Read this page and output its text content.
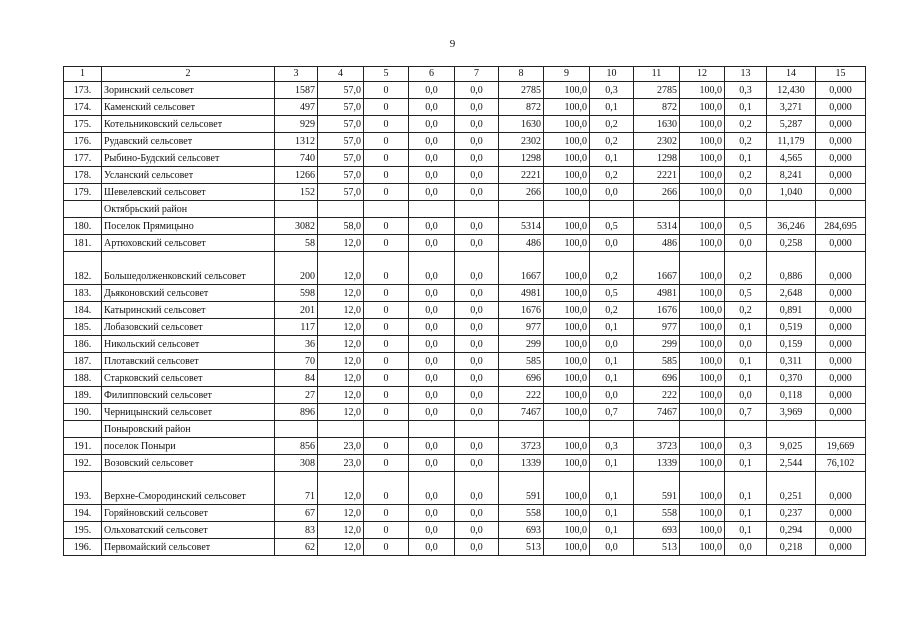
9
1	2	3	4	5	6	7	8	9	10	11	12	13	14	15
173.	Зоринский сельсовет	1587	57,0	0	0,0	0,0	2785	100,0	0,3	2785	100,0	0,3	12,430	0,000
174.	Каменский сельсовет	497	57,0	0	0,0	0,0	872	100,0	0,1	872	100,0	0,1	3,271	0,000
175.	Котельниковский сельсовет	929	57,0	0	0,0	0,0	1630	100,0	0,2	1630	100,0	0,2	5,287	0,000
176.	Рудавский сельсовет	1312	57,0	0	0,0	0,0	2302	100,0	0,2	2302	100,0	0,2	11,179	0,000
177.	Рыбино-Будский сельсовет	740	57,0	0	0,0	0,0	1298	100,0	0,1	1298	100,0	0,1	4,565	0,000
178.	Усланский сельсовет	1266	57,0	0	0,0	0,0	2221	100,0	0,2	2221	100,0	0,2	8,241	0,000
179.	Шевелевский сельсовет	152	57,0	0	0,0	0,0	266	100,0	0,0	266	100,0	0,0	1,040	0,000
	Октябрьский район													
180.	Поселок Прямицыно	3082	58,0	0	0,0	0,0	5314	100,0	0,5	5314	100,0	0,5	36,246	284,695
181.	Артюховский сельсовет	58	12,0	0	0,0	0,0	486	100,0	0,0	486	100,0	0,0	0,258	0,000
182.	Большедолженковский сельсовет	200	12,0	0	0,0	0,0	1667	100,0	0,2	1667	100,0	0,2	0,886	0,000
183.	Дьяконовский сельсовет	598	12,0	0	0,0	0,0	4981	100,0	0,5	4981	100,0	0,5	2,648	0,000
184.	Катыринский сельсовет	201	12,0	0	0,0	0,0	1676	100,0	0,2	1676	100,0	0,2	0,891	0,000
185.	Лобазовский сельсовет	117	12,0	0	0,0	0,0	977	100,0	0,1	977	100,0	0,1	0,519	0,000
186.	Никольский сельсовет	36	12,0	0	0,0	0,0	299	100,0	0,0	299	100,0	0,0	0,159	0,000
187.	Плотавский сельсовет	70	12,0	0	0,0	0,0	585	100,0	0,1	585	100,0	0,1	0,311	0,000
188.	Старковский сельсовет	84	12,0	0	0,0	0,0	696	100,0	0,1	696	100,0	0,1	0,370	0,000
189.	Филипповский сельсовет	27	12,0	0	0,0	0,0	222	100,0	0,0	222	100,0	0,0	0,118	0,000
190.	Черницынский сельсовет	896	12,0	0	0,0	0,0	7467	100,0	0,7	7467	100,0	0,7	3,969	0,000
	Поныровский район													
191.	поселок Поныри	856	23,0	0	0,0	0,0	3723	100,0	0,3	3723	100,0	0,3	9,025	19,669
192.	Возовский сельсовет	308	23,0	0	0,0	0,0	1339	100,0	0,1	1339	100,0	0,1	2,544	76,102
193.	Верхне-Смородинский сельсовет	71	12,0	0	0,0	0,0	591	100,0	0,1	591	100,0	0,1	0,251	0,000
194.	Горяйновский сельсовет	67	12,0	0	0,0	0,0	558	100,0	0,1	558	100,0	0,1	0,237	0,000
195.	Ольховатский сельсовет	83	12,0	0	0,0	0,0	693	100,0	0,1	693	100,0	0,1	0,294	0,000
196.	Первомайский сельсовет	62	12,0	0	0,0	0,0	513	100,0	0,0	513	100,0	0,0	0,218	0,000
